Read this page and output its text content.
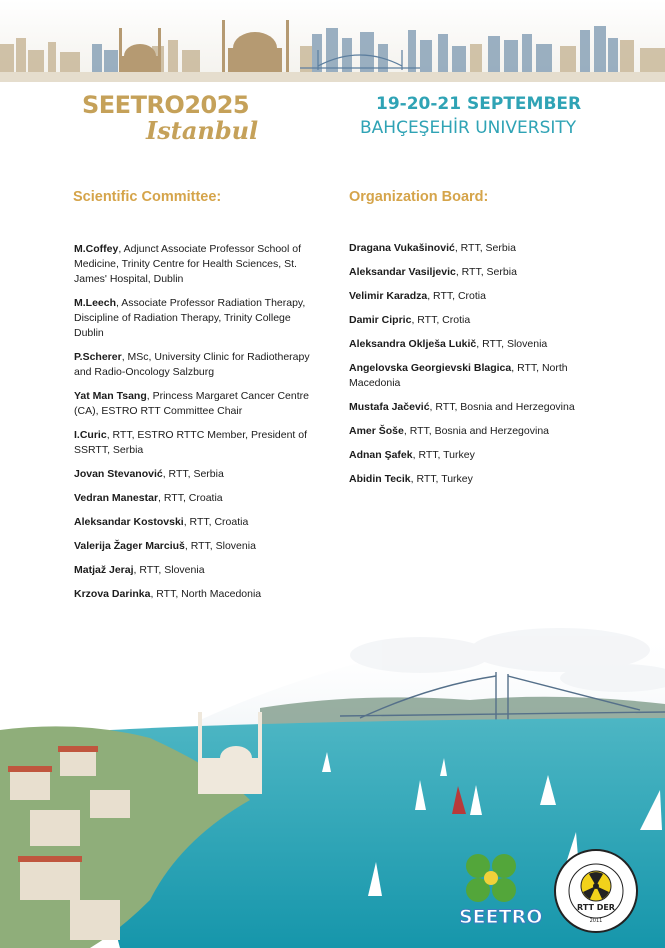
SEETRO2025
Istanbul
19-20-21 SEPTEMBER
BAHÇEŞEHİR UNIVERSITY
Scientific Committee:	Organization Board:
M.Coffey, Adjunct Associate Professor School of Medicine, Trinity Centre for Health Sciences, St. James' Hospital, Dublin
M.Leech, Associate Professor Radiation Therapy, Discipline of Radiation Therapy, Trinity College Dublin
P.Scherer, MSc, University Clinic for Radiotherapy and Radio-Oncology Salzburg
Yat Man Tsang, Princess Margaret Cancer Centre (CA), ESTRO RTT Committee Chair
I.Curic, RTT, ESTRO RTTC Member, President of SSRTT, Serbia
Jovan Stevanović, RTT, Serbia
Vedran Manestar, RTT, Croatia
Aleksandar Kostovski, RTT, Croatia
Valerija Žager Marciuš, RTT, Slovenia
Matjaž Jeraj, RTT, Slovenia
Krzova Darinka, RTT, North Macedonia
Dragana Vukašinović, RTT, Serbia
Aleksandar Vasiljevic, RTT, Serbia
Velimir Karadza, RTT, Crotia
Damir Cipric, RTT, Crotia
Aleksandra Oklješa Lukič, RTT, Slovenia
Angelovska Georgievski Blagica, RTT, North Macedonia
Mustafa Jačević, RTT, Bosnia and Herzegovina
Amer Šoše, RTT, Bosnia and Herzegovina
Adnan Şafek, RTT, Turkey
Abidin Tecik, RTT, Turkey
SEETRO	RTT DER
2011
